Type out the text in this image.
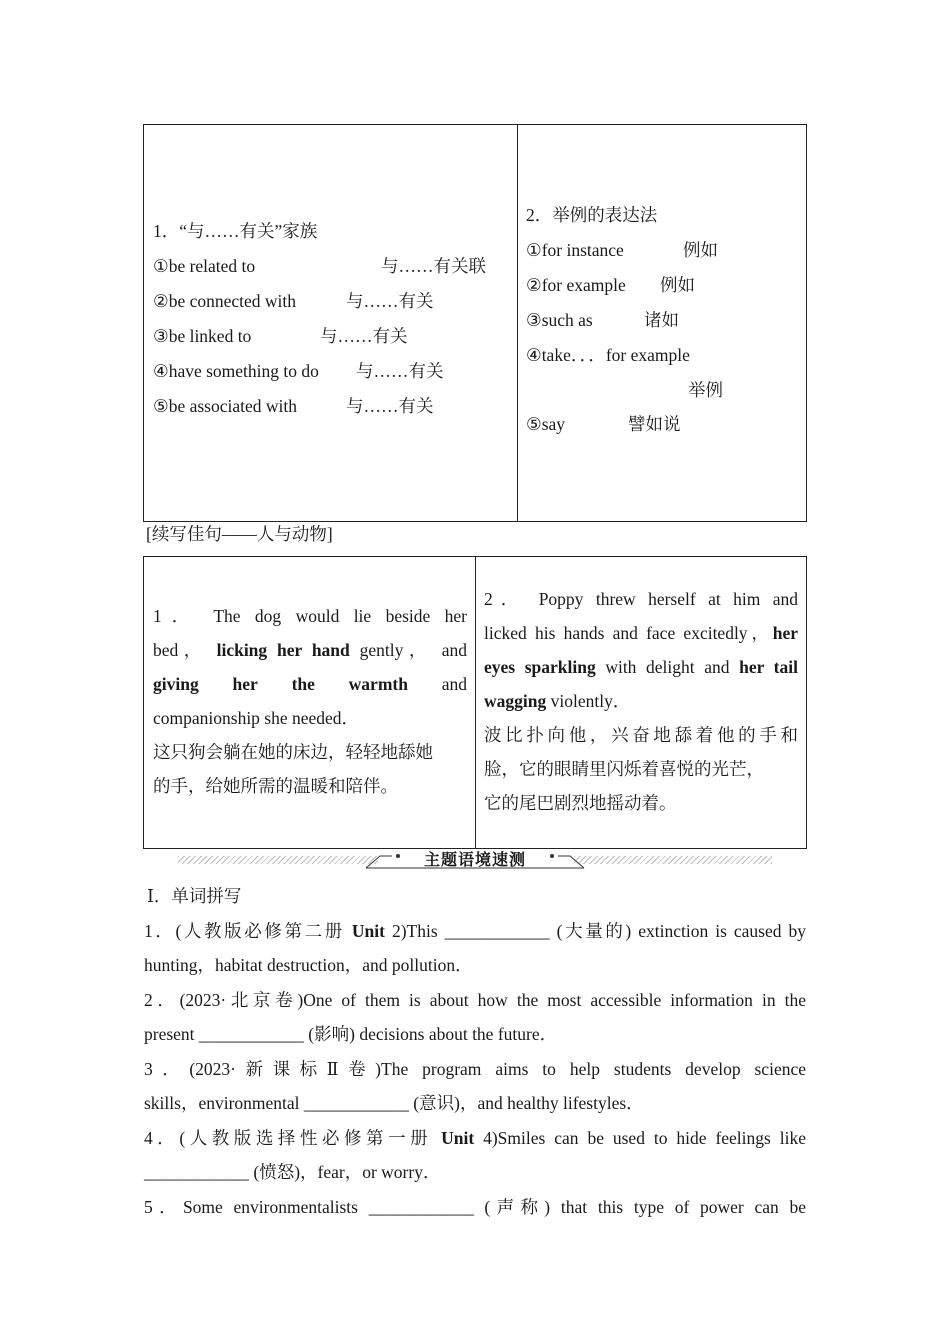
1．“与……有关”家族
①be related to	与……有关联
②be connected with	与……有关
③be linked to	与……有关
④have something to do 与……有关
⑤be associated with	与……有关
2．举例的表达法
①for instance	例如
②for example 例如
③such as	诸如
④take．．．for example
举例
⑤say	譬如说
[续写佳句——人与动物]
1． The dog would lie beside her
bed， licking her hand gently， and
giving her the warmth and
companionship she needed．
这只狗会躺在她的床边，轻轻地舔她
的手，给她所需的温暖和陪伴。
2． Poppy threw herself at him and
licked his hands and face excitedly，her
eyes sparkling with delight and her tail
wagging violently．
波比扑向他，兴奋地舔着他的手和
脸，它的眼睛里闪烁着喜悦的光芒，
它的尾巴剧烈地摇动着。
主题语境速测
Ⅰ．单词拼写
1．(人教版必修第二册 Unit 2)This ____________ (大量的) extinction is caused by
hunting，habitat destruction，and pollution．
2．(2023·北京卷)One of them is about how the most accessible information in the
present ____________ (影响) decisions about the future．
3．(2023·新课标Ⅱ卷)The program aims to help students develop science
skills，environmental ____________ (意识)，and healthy lifestyles．
4．(人教版选择性必修第一册 Unit 4)Smiles can be used to hide feelings like
____________ (愤怒)，fear，or worry．
5．Some environmentalists ____________ (声称) that this type of power can be
